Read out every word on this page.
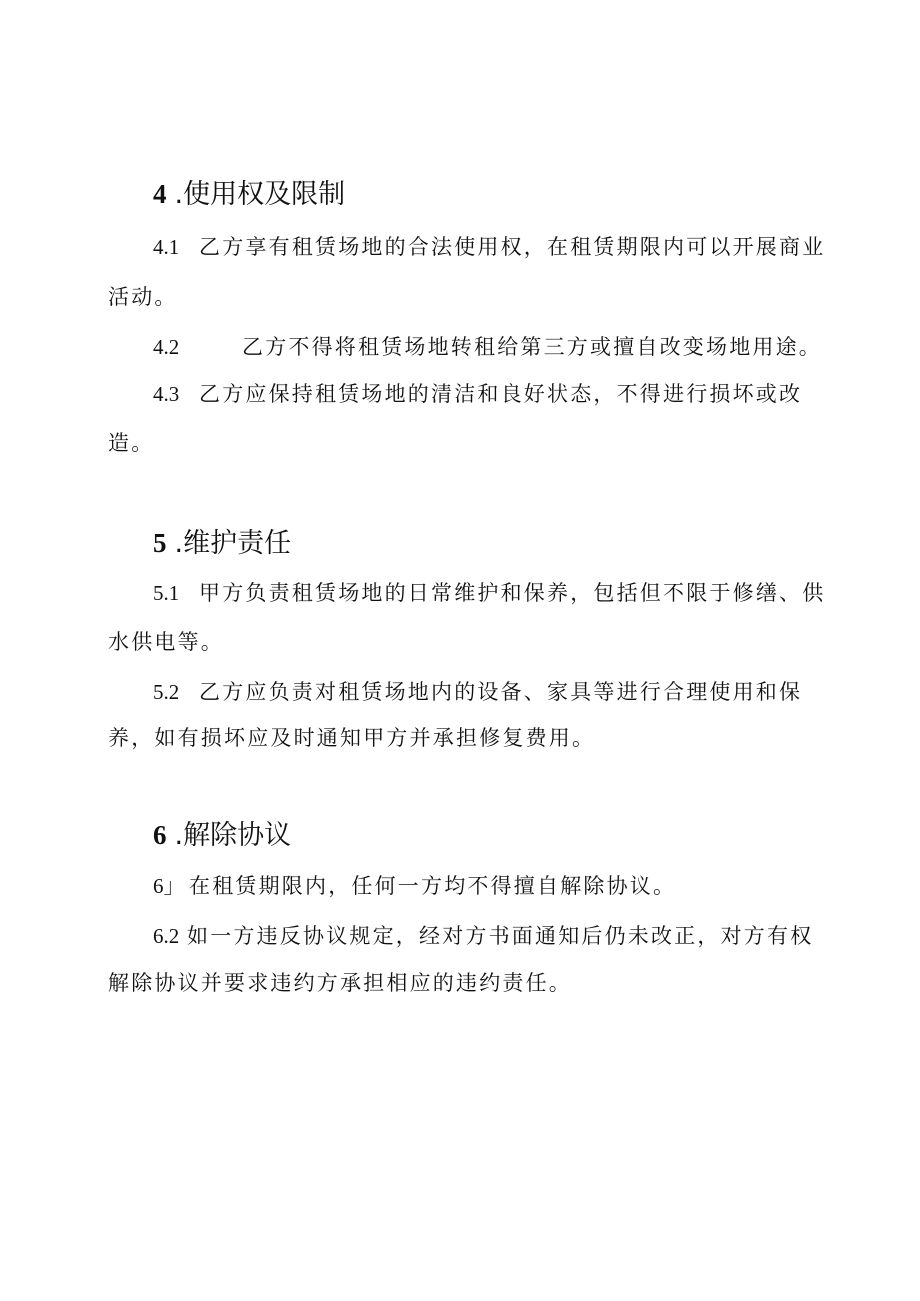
4 .使用权及限制
4.1 乙方享有租赁场地的合法使用权，在租赁期限内可以开展商业
活动。
4.2	乙方不得将租赁场地转租给第三方或擅自改变场地用途。
4.3 乙方应保持租赁场地的清洁和良好状态，不得进行损坏或改
造。
5 .维护责任
5.1 甲方负责租赁场地的日常维护和保养，包括但不限于修缮、供
水供电等。
5.2 乙方应负责对租赁场地内的设备、家具等进行合理使用和保
养，如有损坏应及时通知甲方并承担修复费用。
6 .解除协议
6」 在租赁期限内，任何一方均不得擅自解除协议。
6.2 如一方违反协议规定，经对方书面通知后仍未改正，对方有权
解除协议并要求违约方承担相应的违约责任。
